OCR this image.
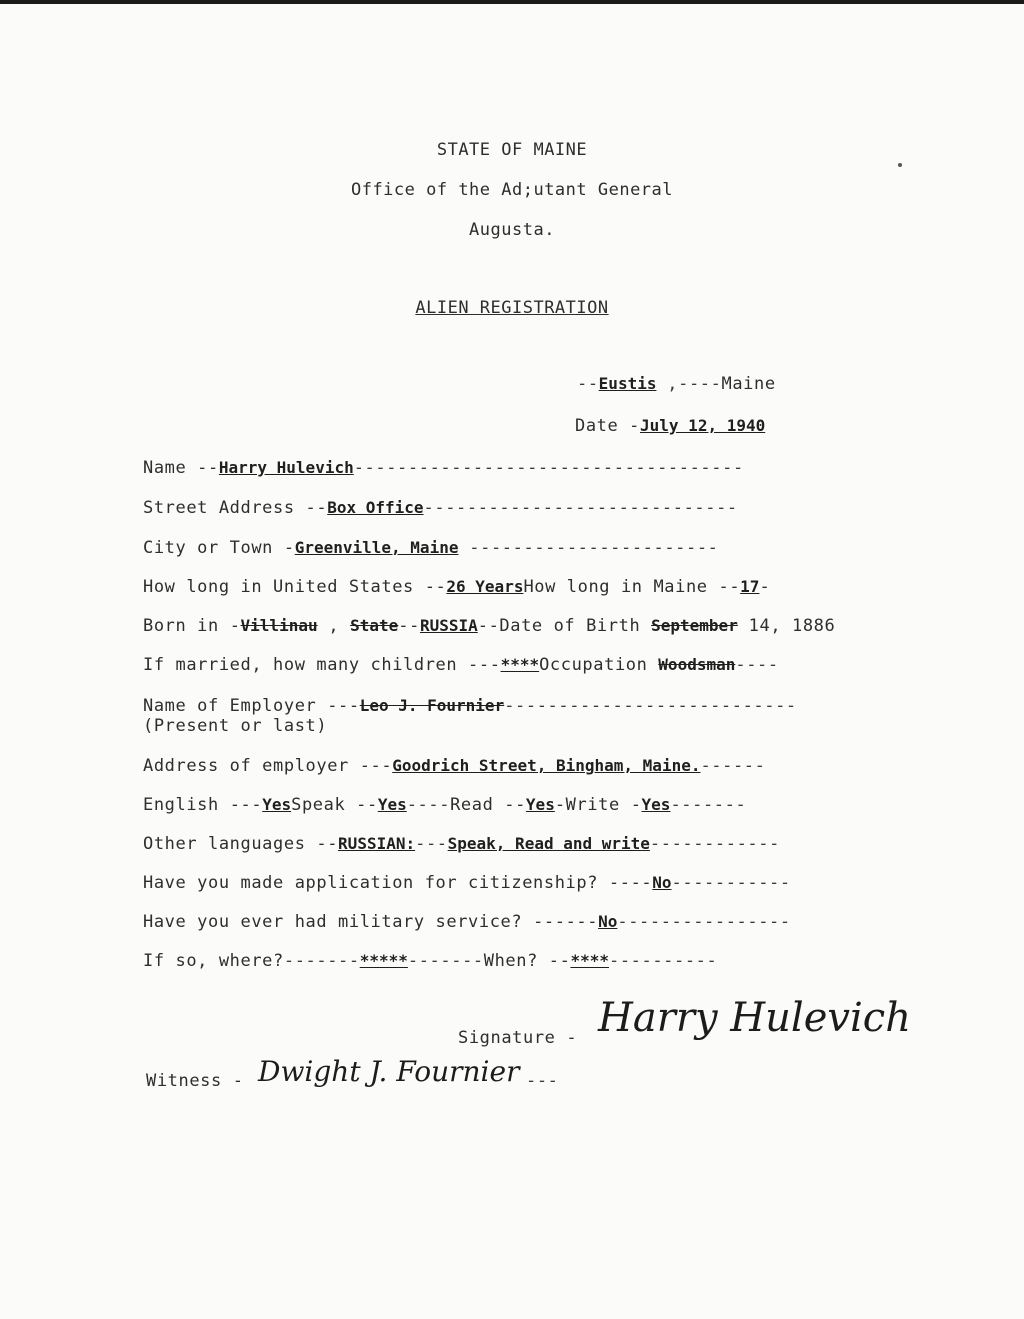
STATE OF MAINE
Office of the Ad;utant General
Augusta.
ALIEN REGISTRATION
--Eustis ,----Maine
Date -July 12, 1940
Name --Harry Hulevich------------------------------------
Street Address --Box Office-----------------------------
City or Town -Greenville, Maine -----------------------
How long in United States --26 YearsHow long in Maine --17-
Born in -Villinau , State--RUSSIA--Date of Birth September 14, 1886
If married, how many children ---****Occupation Woodsman----
Name of Employer ---Leo J. Fournier---------------------------
(Present or last)
Address of employer ---Goodrich Street, Bingham, Maine.------
English ---YesSpeak --Yes----Read --Yes-Write -Yes-------
Other languages --RUSSIAN:---Speak, Read and write------------
Have you made application for citizenship? ----No-----------
Have you ever had military service? ------No----------------
If so, where?-------*****-------When? --****----------
Signature - Harry Hulevich
Witness - Dwight J. Fournier ---
